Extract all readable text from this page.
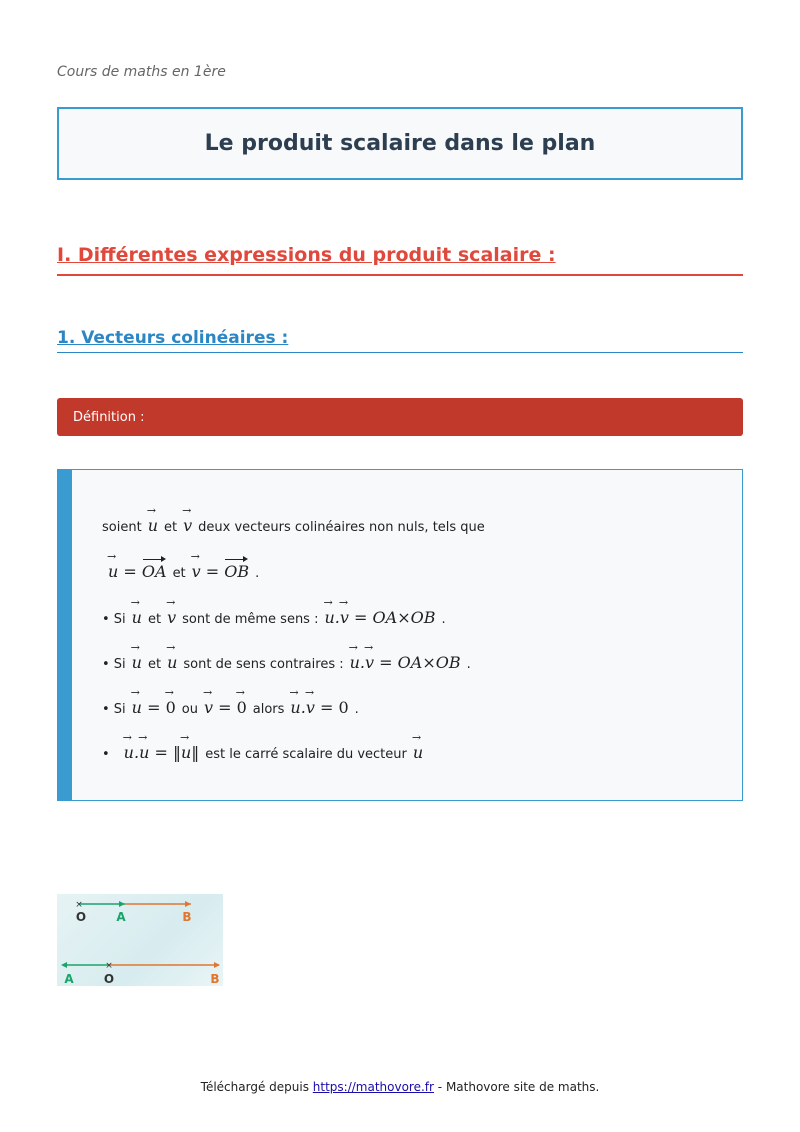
Cours de maths en 1ère
Le produit scalaire dans le plan
I. Différentes expressions du produit scalaire :
1. Vecteurs colinéaires :
Définition :
soient u → et v → deux vecteurs colinéaires non nuls, tels que
u → = OA et v → = OB .
• Si u → et v → sont de même sens : u →.v → = OA×OB .
• Si u → et u → sont de sens contraires : u →.v → = OA×OB .
• Si u → = 0 → ou v → = 0 → alors u →.v → = 0 .
• u →.u → = ‖u →‖ est le carré scalaire du vecteur u →
×
O	A	B
×
A	O	B
Téléchargé depuis https://mathovore.fr - Mathovore site de maths.
